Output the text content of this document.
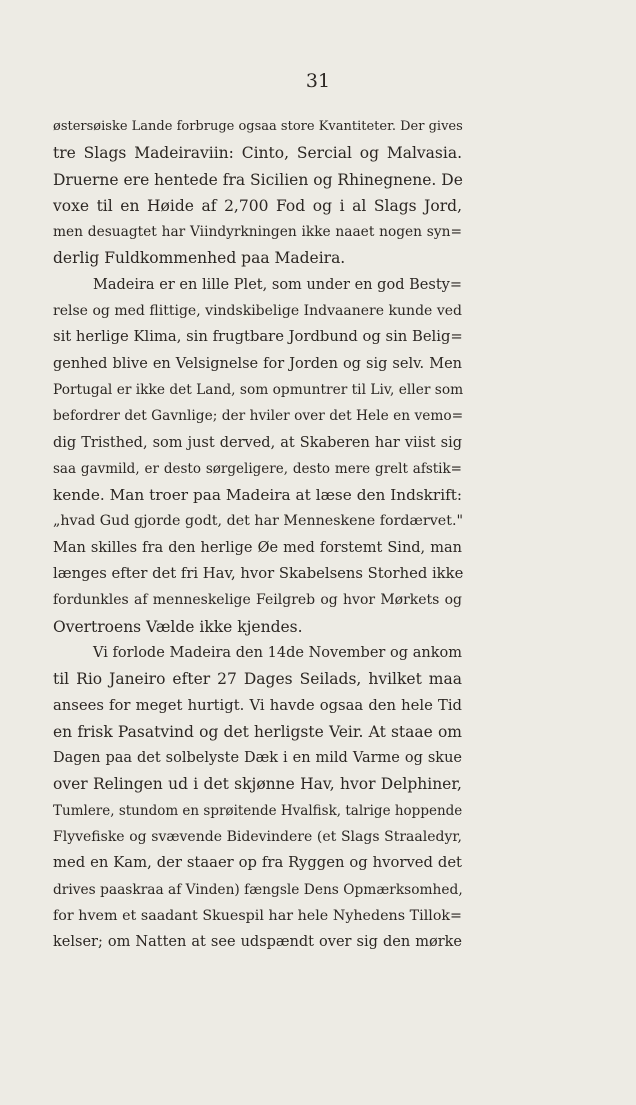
31
østersøiske Lande forbruge ogsaa store Kvantiteter. Der gives
tre Slags Madeiraviin: Cinto, Sercial og Malvasia.
Druerne ere hentede fra Sicilien og Rhinegnene. De
voxe til en Høide af 2,700 Fod og i al Slags Jord,
men desuagtet har Viindyrkningen ikke naaet nogen syn=
derlig Fuldkommenhed paa Madeira.
Madeira er en lille Plet, som under en god Besty=
relse og med flittige, vindskibelige Indvaanere kunde ved
sit herlige Klima, sin frugtbare Jordbund og sin Belig=
genhed blive en Velsignelse for Jorden og sig selv. Men
Portugal er ikke det Land, som opmuntrer til Liv, eller som
befordrer det Gavnlige; der hviler over det Hele en vemo=
dig Tristhed, som just derved, at Skaberen har viist sig
saa gavmild, er desto sørgeligere, desto mere grelt afstik=
kende. Man troer paa Madeira at læse den Indskrift:
„hvad Gud gjorde godt, det har Menneskene fordærvet."
Man skilles fra den herlige Øe med forstemt Sind, man
længes efter det fri Hav, hvor Skabelsens Storhed ikke
fordunkles af menneskelige Feilgreb og hvor Mørkets og
Overtroens Vælde ikke kjendes.
Vi forlode Madeira den 14de November og ankom
til Rio Janeiro efter 27 Dages Seilads, hvilket maa
ansees for meget hurtigt. Vi havde ogsaa den hele Tid
en frisk Pasatvind og det herligste Veir. At staae om
Dagen paa det solbelyste Dæk i en mild Varme og skue
over Relingen ud i det skjønne Hav, hvor Delphiner,
Tumlere, stundom en sprøitende Hvalfisk, talrige hoppende
Flyvefiske og svævende Bidevindere (et Slags Straaledyr,
med en Kam, der staaer op fra Ryggen og hvorved det
drives paaskraa af Vinden) fængsle Dens Opmærksomhed,
for hvem et saadant Skuespil har hele Nyhedens Tillok=
kelser; om Natten at see udspændt over sig den mørke
